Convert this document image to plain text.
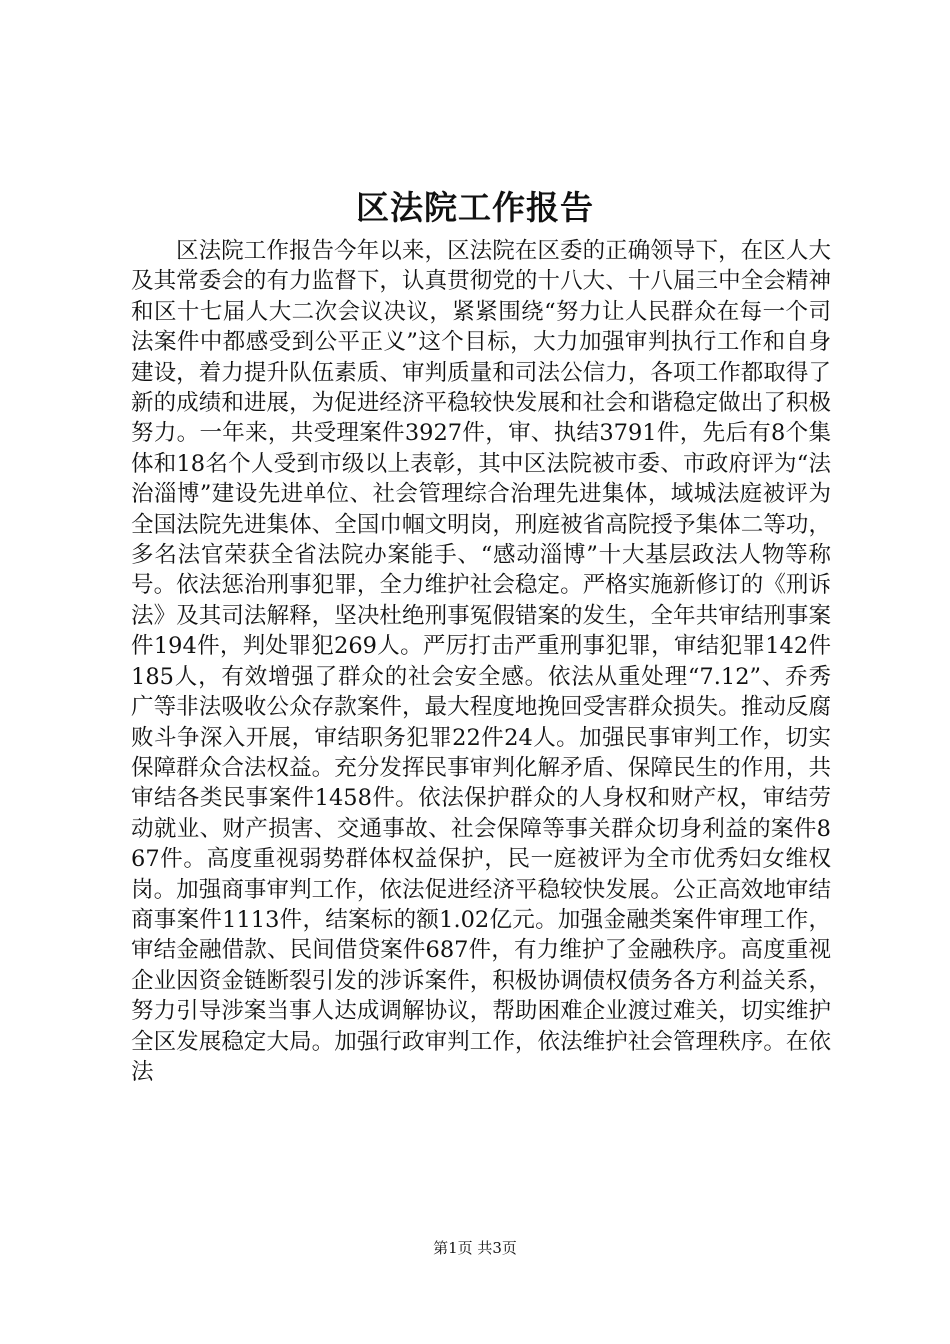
区法院工作报告

区法院工作报告今年以来，区法院在区委的正确领导下，在区人大及其常委会的有力监督下，认真贯彻党的十八大、十八届三中全会精神和区十七届人大二次会议决议，紧紧围绕“努力让人民群众在每一个司法案件中都感受到公平正义”这个目标，大力加强审判执行工作和自身建设，着力提升队伍素质、审判质量和司法公信力，各项工作都取得了新的成绩和进展，为促进经济平稳较快发展和社会和谐稳定做出了积极努力。一年来，共受理案件3927件，审、执结3791件，先后有8个集体和18名个人受到市级以上表彰，其中区法院被市委、市政府评为“法治淄博”建设先进单位、社会管理综合治理先进集体，域城法庭被评为全国法院先进集体、全国巾帼文明岗，刑庭被省高院授予集体二等功，多名法官荣获全省法院办案能手、“感动淄博”十大基层政法人物等称号。依法惩治刑事犯罪，全力维护社会稳定。严格实施新修订的《刑诉法》及其司法解释，坚决杜绝刑事冤假错案的发生，全年共审结刑事案件194件，判处罪犯269人。严厉打击严重刑事犯罪，审结犯罪142件185人，有效增强了群众的社会安全感。依法从重处理“7.12”、乔秀广等非法吸收公众存款案件，最大程度地挽回受害群众损失。推动反腐败斗争深入开展，审结职务犯罪22件24人。加强民事审判工作，切实保障群众合法权益。充分发挥民事审判化解矛盾、保障民生的作用，共审结各类民事案件1458件。依法保护群众的人身权和财产权，审结劳动就业、财产损害、交通事故、社会保障等事关群众切身利益的案件867件。高度重视弱势群体权益保护，民一庭被评为全市优秀妇女维权岗。加强商事审判工作，依法促进经济平稳较快发展。公正高效地审结商事案件1113件，结案标的额1.02亿元。加强金融类案件审理工作，审结金融借款、民间借贷案件687件，有力维护了金融秩序。高度重视企业因资金链断裂引发的涉诉案件，积极协调债权债务各方利益关系，努力引导涉案当事人达成调解协议，帮助困难企业渡过难关，切实维护全区发展稳定大局。加强行政审判工作，依法维护社会管理秩序。在依法

第1页 共3页
